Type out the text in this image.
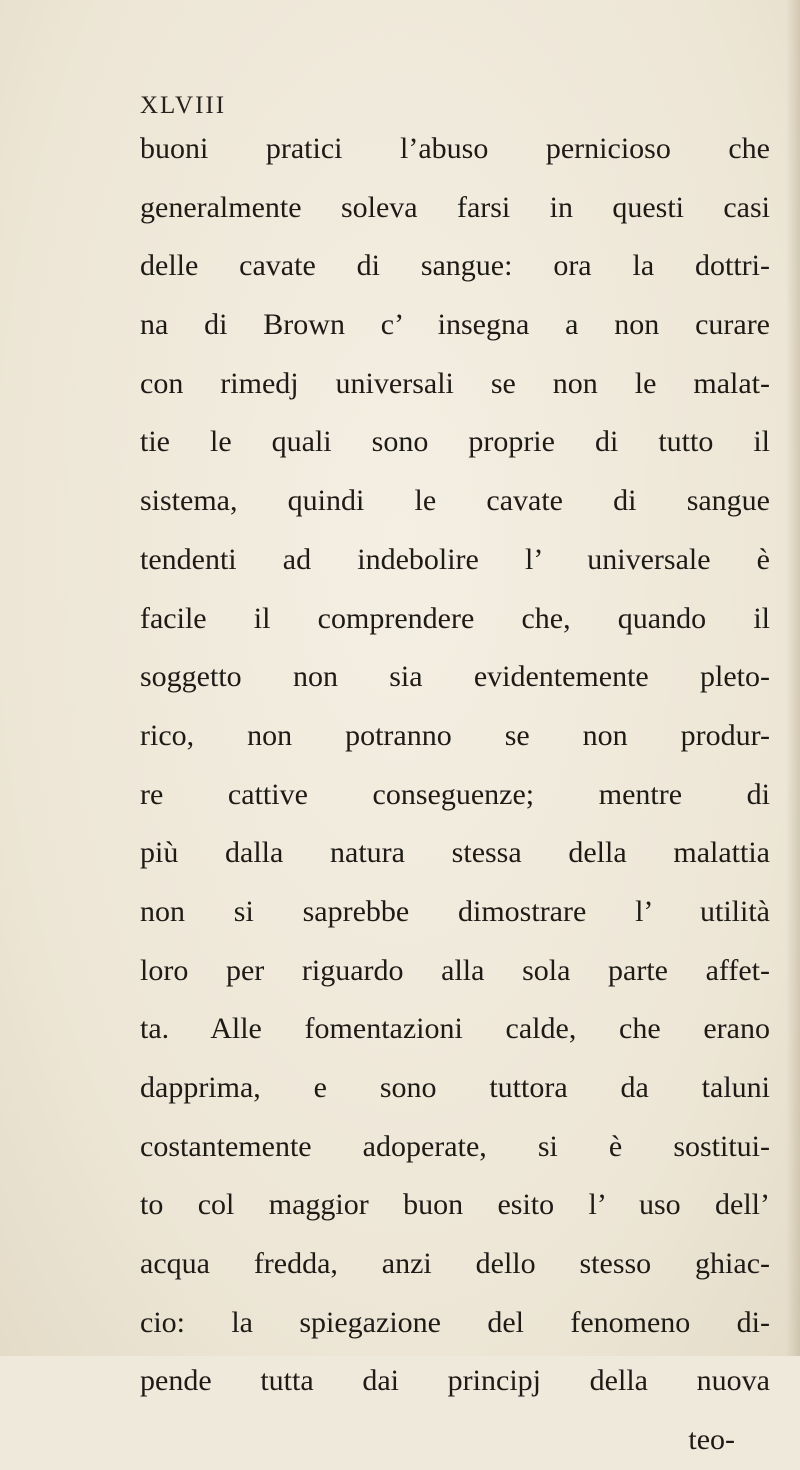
XLVIII
buoni pratici l’abuso pernicioso che
generalmente soleva farsi in questi casi
delle cavate di sangue: ora la dottri-
na di Brown c’ insegna a non curare
con rimedj universali se non le malat-
tie le quali sono proprie di tutto il
sistema, quindi le cavate di sangue
tendenti ad indebolire l’ universale è
facile il comprendere che, quando il
soggetto non sia evidentemente pleto-
rico, non potranno se non produr-
re cattive conseguenze; mentre di
più dalla natura stessa della malattia
non si saprebbe dimostrare l’ utilità
loro per riguardo alla sola parte affet-
ta. Alle fomentazioni calde, che erano
dapprima, e sono tuttora da taluni
costantemente adoperate, si è sostitui-
to col maggior buon esito l’ uso dell’
acqua fredda, anzi dello stesso ghiac-
cio: la spiegazione del fenomeno di-
pende tutta dai principj della nuova
teo-
